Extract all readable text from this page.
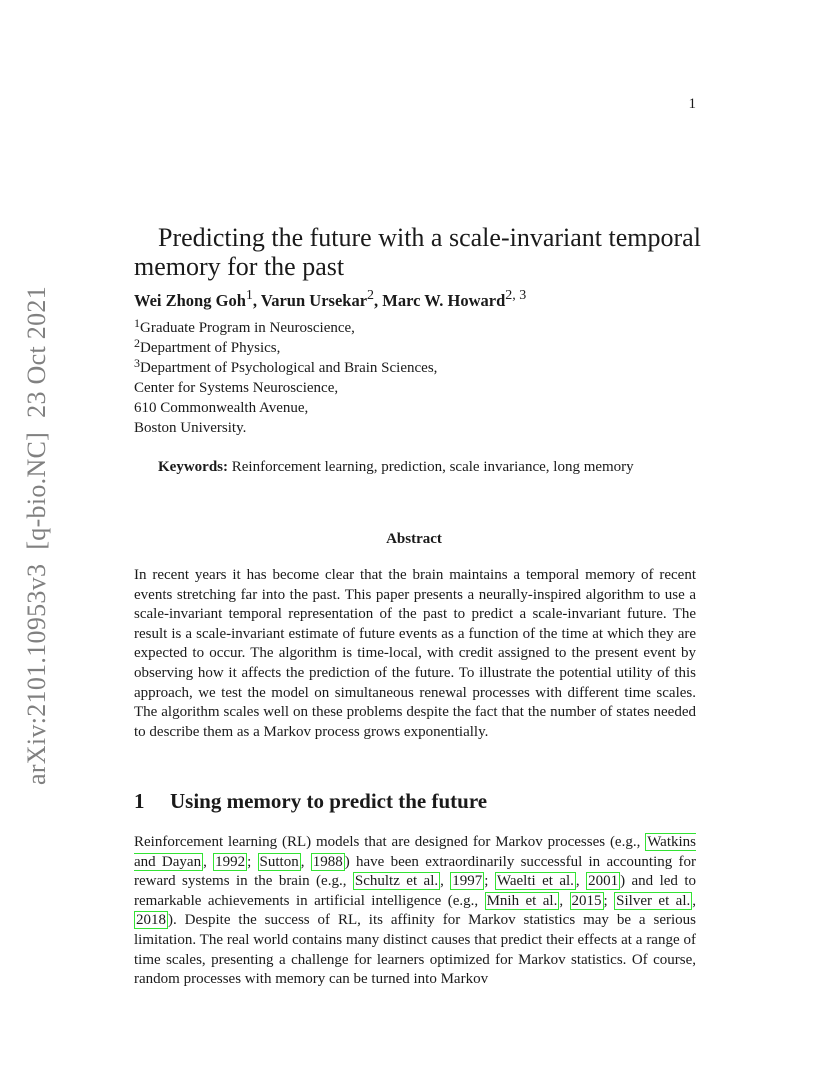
arXiv:2101.10953v3[q-bio.NC]23 Oct 2021
1
Predicting the future with a scale-invariant temporal memory for the past
Wei Zhong Goh$^1$, Varun Ursekar$^2$, Marc W. Howard$^{2, 3}$
$^1$Graduate Program in Neuroscience,
$^2$Department of Physics,
$^3$Department of Psychological and Brain Sciences,
Center for Systems Neuroscience,
610 Commonwealth Avenue,
Boston University.
Keywords: Reinforcement learning, prediction, scale invariance, long memory
Abstract

In recent years it has become clear that the brain maintains a temporal memory of recent events stretching far into the past. This paper presents a neurally-inspired algorithm to use a scale-invariant temporal representation of the past to predict a scale-invariant future. The result is a scale-invariant estimate of future events as a function of the time at which they are expected to occur. The algorithm is time-local, with credit assigned to the present event by observing how it affects the prediction of the future. To illustrate the potential utility of this approach, we test the model on simultaneous renewal processes with different time scales. The algorithm scales well on these problems despite the fact that the number of states needed to describe them as a Markov process grows exponentially.

1 Using memory to predict the future

Reinforcement learning (RL) models that are designed for Markov processes (e.g., Watkins and Dayan , 1992 ; Sutton , 1988 ) have been extraordinarily successful in accounting for reward systems in the brain (e.g., Schultz et al. , 1997 ; Waelti et al. , 2001 ) and led to remarkable achievements in artificial intelligence (e.g., Mnih et al. , 2015 ; Silver et al. , 2018 ). Despite the success of RL, its affinity for Markov statistics may be a serious limitation. The real world contains many distinct causes that predict their effects at a range of time scales, presenting a challenge for learners optimized for Markov statistics. Of course, random processes with memory can be turned into Markov
